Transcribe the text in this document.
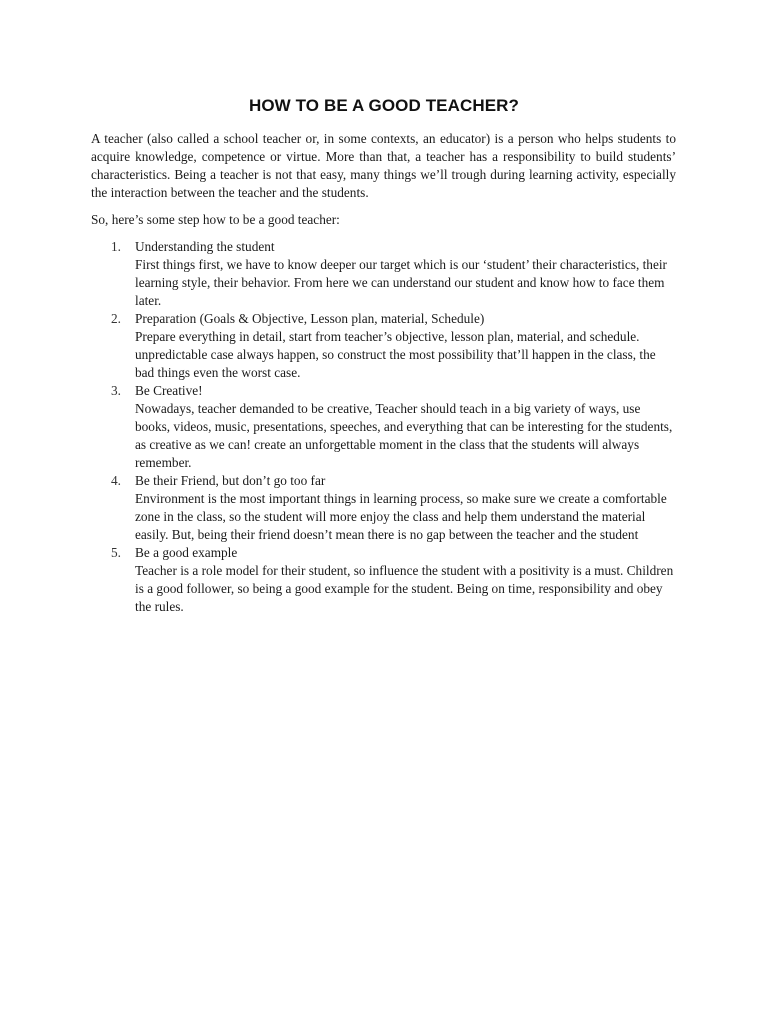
HOW TO BE A GOOD TEACHER?

A teacher (also called a school teacher or, in some contexts, an educator) is a person who helps students to acquire knowledge, competence or virtue. More than that, a teacher has a responsibility to build students’ characteristics. Being a teacher is not that easy, many things we’ll trough during learning activity, especially the interaction between the teacher and the students.

So, here’s some step how to be a good teacher:

1.	Understanding the student
First things first, we have to know deeper our target which is our ‘student’ their characteristics, their learning style, their behavior. From here we can understand our student and know how to face them later.
2.	Preparation (Goals & Objective, Lesson plan, material, Schedule)
Prepare everything in detail, start from teacher’s objective, lesson plan, material, and schedule. unpredictable case always happen, so construct the most possibility that’ll happen in the class, the bad things even the worst case.
3.	Be Creative!
Nowadays, teacher demanded to be creative, Teacher should teach in a big variety of ways, use books, videos, music, presentations, speeches, and everything that can be interesting for the students, as creative as we can! create an unforgettable moment in the class that the students will always remember.
4.	Be their Friend, but don’t go too far
Environment is the most important things in learning process, so make sure we create a comfortable zone in the class, so the student will more enjoy the class and help them understand the material easily. But, being their friend doesn’t mean there is no gap between the teacher and the student
5.	Be a good example
Teacher is a role model for their student, so influence the student with a positivity is a must. Children is a good follower, so being a good example for the student. Being on time, responsibility and obey the rules.
